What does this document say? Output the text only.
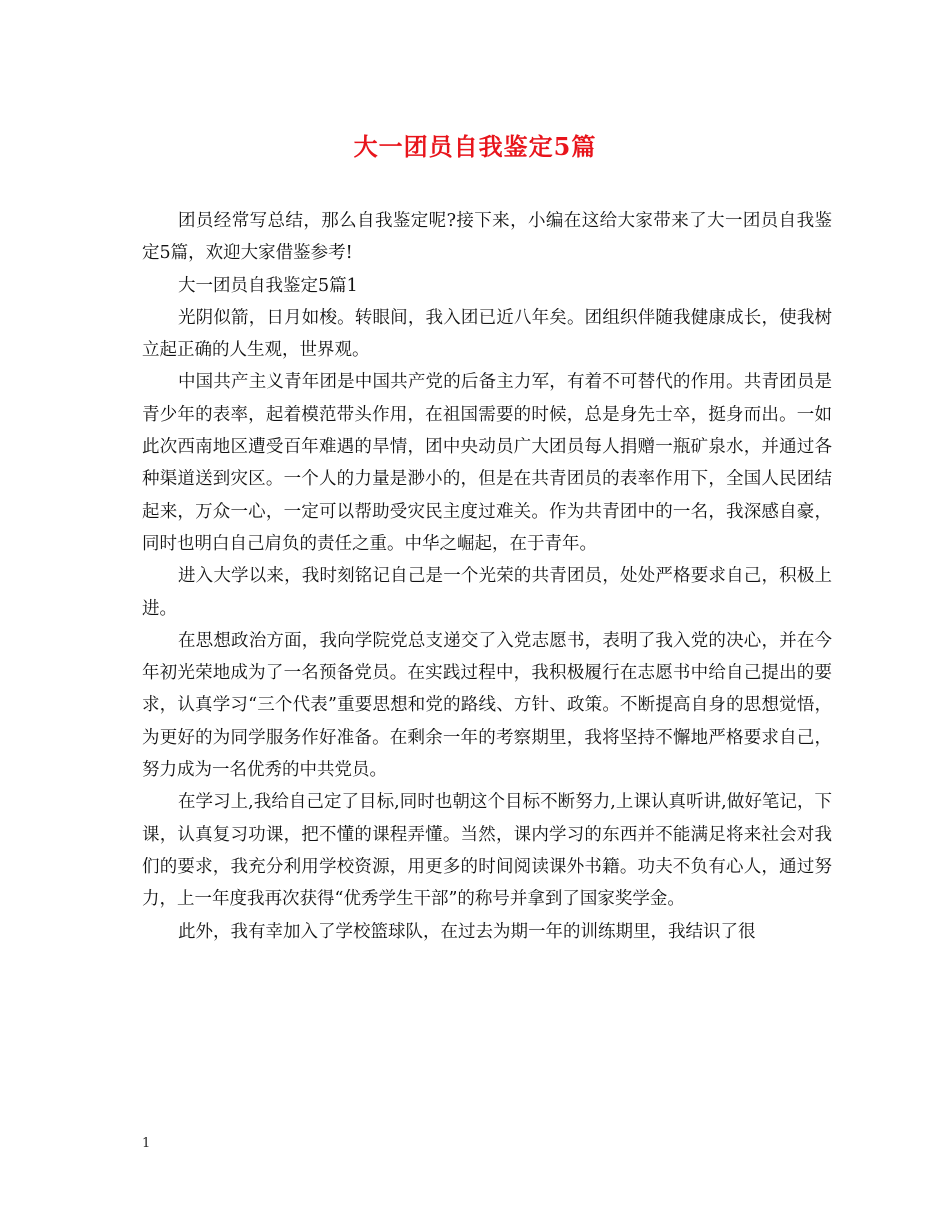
大一团员自我鉴定5篇

团员经常写总结，那么自我鉴定呢?接下来，小编在这给大家带来了大一团员自我鉴定5篇，欢迎大家借鉴参考!

大一团员自我鉴定5篇1

光阴似箭，日月如梭。转眼间，我入团已近八年矣。团组织伴随我健康成长，使我树立起正确的人生观，世界观。

中国共产主义青年团是中国共产党的后备主力军，有着不可替代的作用。共青团员是青少年的表率，起着模范带头作用，在祖国需要的时候，总是身先士卒，挺身而出。一如此次西南地区遭受百年难遇的旱情，团中央动员广大团员每人捐赠一瓶矿泉水，并通过各种渠道送到灾区。一个人的力量是渺小的，但是在共青团员的表率作用下，全国人民团结起来，万众一心，一定可以帮助受灾民主度过难关。作为共青团中的一名，我深感自豪，同时也明白自己肩负的责任之重。中华之崛起，在于青年。

进入大学以来，我时刻铭记自己是一个光荣的共青团员，处处严格要求自己，积极上进。

在思想政治方面，我向学院党总支递交了入党志愿书，表明了我入党的决心，并在今年初光荣地成为了一名预备党员。在实践过程中，我积极履行在志愿书中给自己提出的要求，认真学习“三个代表”重要思想和党的路线、方针、政策。不断提高自身的思想觉悟，为更好的为同学服务作好准备。在剩余一年的考察期里，我将坚持不懈地严格要求自己，努力成为一名优秀的中共党员。

在学习上,我给自己定了目标,同时也朝这个目标不断努力,上课认真听讲,做好笔记，下课，认真复习功课，把不懂的课程弄懂。当然，课内学习的东西并不能满足将来社会对我们的要求，我充分利用学校资源，用更多的时间阅读课外书籍。功夫不负有心人，通过努力，上一年度我再次获得“优秀学生干部”的称号并拿到了国家奖学金。

此外，我有幸加入了学校篮球队，在过去为期一年的训练期里，我结识了很

1
